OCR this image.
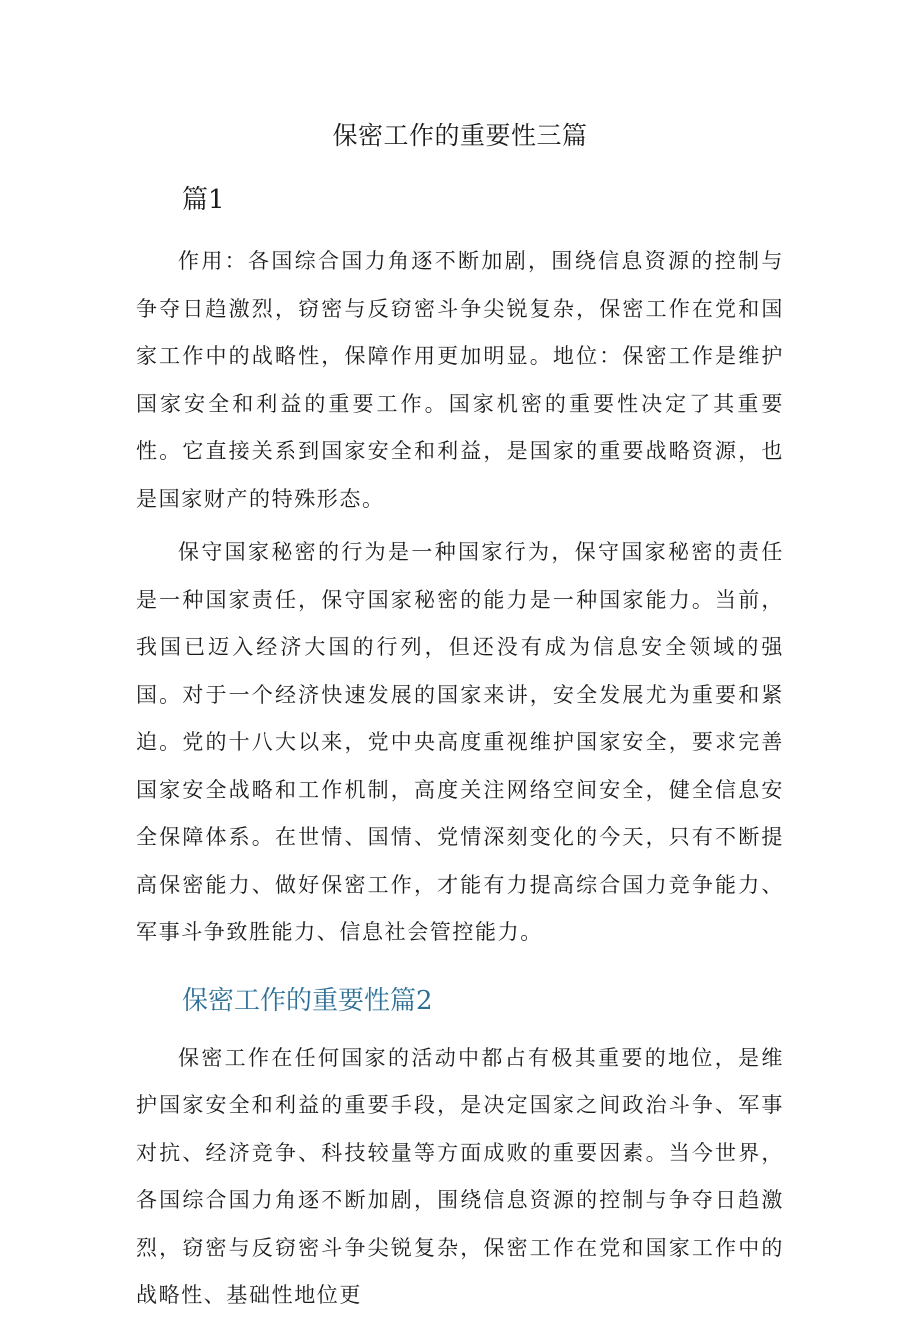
保密工作的重要性三篇
篇1

作用：各国综合国力角逐不断加剧，围绕信息资源的控制与争夺日趋激烈，窃密与反窃密斗争尖锐复杂，保密工作在党和国家工作中的战略性，保障作用更加明显。地位：保密工作是维护国家安全和利益的重要工作。国家机密的重要性决定了其重要性。它直接关系到国家安全和利益，是国家的重要战略资源，也是国家财产的特殊形态。

保守国家秘密的行为是一种国家行为，保守国家秘密的责任是一种国家责任，保守国家秘密的能力是一种国家能力。当前，我国已迈入经济大国的行列，但还没有成为信息安全领域的强国。对于一个经济快速发展的国家来讲，安全发展尤为重要和紧迫。党的十八大以来，党中央高度重视维护国家安全，要求完善国家安全战略和工作机制，高度关注网络空间安全，健全信息安全保障体系。在世情、国情、党情深刻变化的今天，只有不断提高保密能力、做好保密工作，才能有力提高综合国力竞争能力、军事斗争致胜能力、信息社会管控能力。

保密工作的重要性篇2

保密工作在任何国家的活动中都占有极其重要的地位，是维护国家安全和利益的重要手段，是决定国家之间政治斗争、军事对抗、经济竞争、科技较量等方面成败的重要因素。当今世界，各国综合国力角逐不断加剧，围绕信息资源的控制与争夺日趋激烈，窃密与反窃密斗争尖锐复杂，保密工作在党和国家工作中的战略性、基础性地位更
